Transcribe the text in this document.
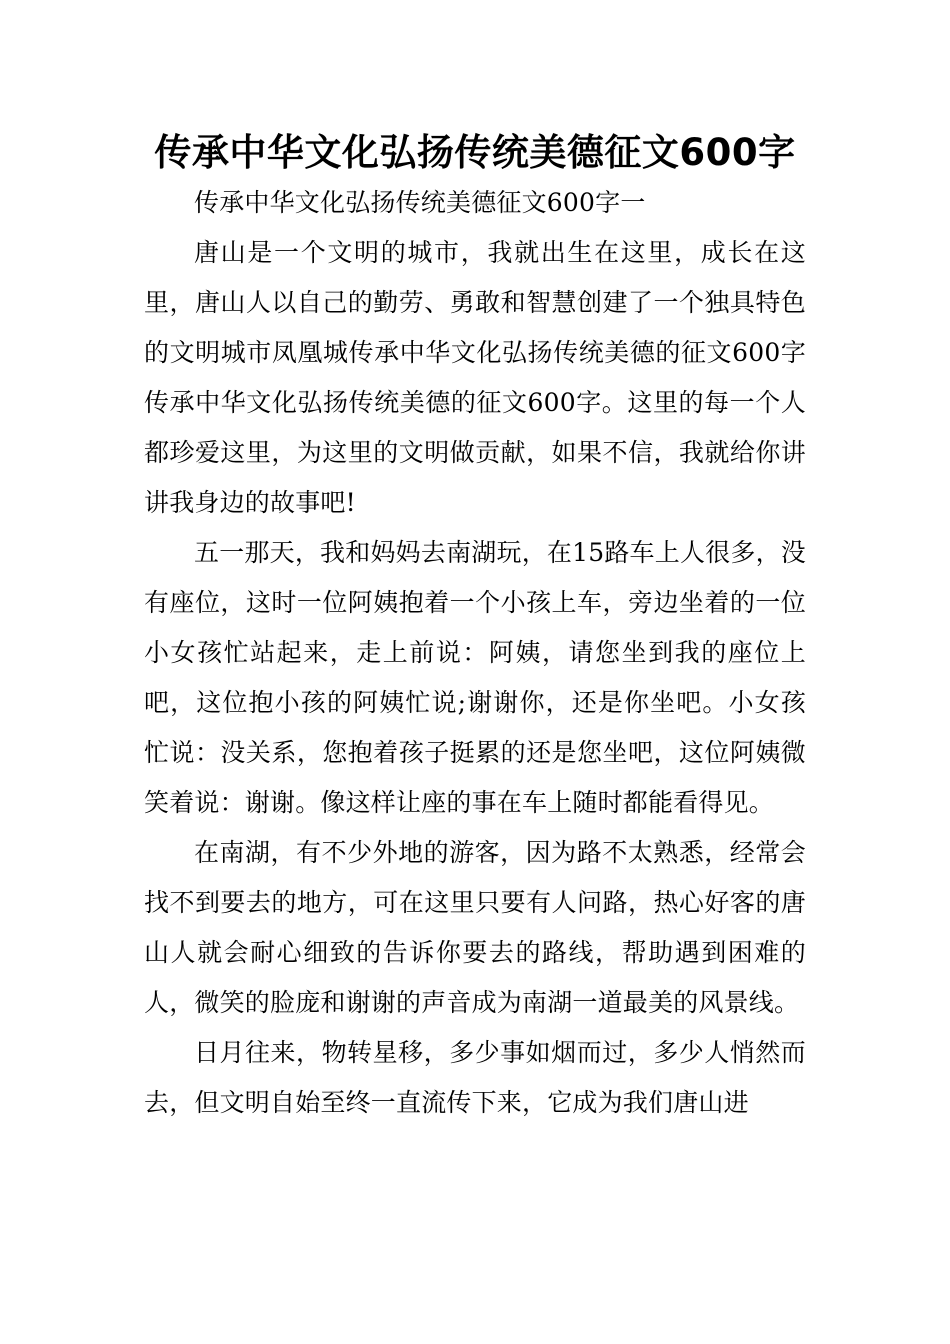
传承中华文化弘扬传统美德征文600字

传承中华文化弘扬传统美德征文600字一

唐山是一个文明的城市，我就出生在这里，成长在这里，唐山人以自己的勤劳、勇敢和智慧创建了一个独具特色的文明城市凤凰城传承中华文化弘扬传统美德的征文600字传承中华文化弘扬传统美德的征文600字。这里的每一个人都珍爱这里，为这里的文明做贡献，如果不信，我就给你讲讲我身边的故事吧!

五一那天，我和妈妈去南湖玩，在15路车上人很多，没有座位，这时一位阿姨抱着一个小孩上车，旁边坐着的一位小女孩忙站起来，走上前说：阿姨，请您坐到我的座位上吧，这位抱小孩的阿姨忙说;谢谢你，还是你坐吧。小女孩忙说：没关系，您抱着孩子挺累的还是您坐吧，这位阿姨微笑着说：谢谢。像这样让座的事在车上随时都能看得见。

在南湖，有不少外地的游客，因为路不太熟悉，经常会找不到要去的地方，可在这里只要有人问路，热心好客的唐山人就会耐心细致的告诉你要去的路线，帮助遇到困难的人，微笑的脸庞和谢谢的声音成为南湖一道最美的风景线。

日月往来，物转星移，多少事如烟而过，多少人悄然而去，但文明自始至终一直流传下来，它成为我们唐山进
